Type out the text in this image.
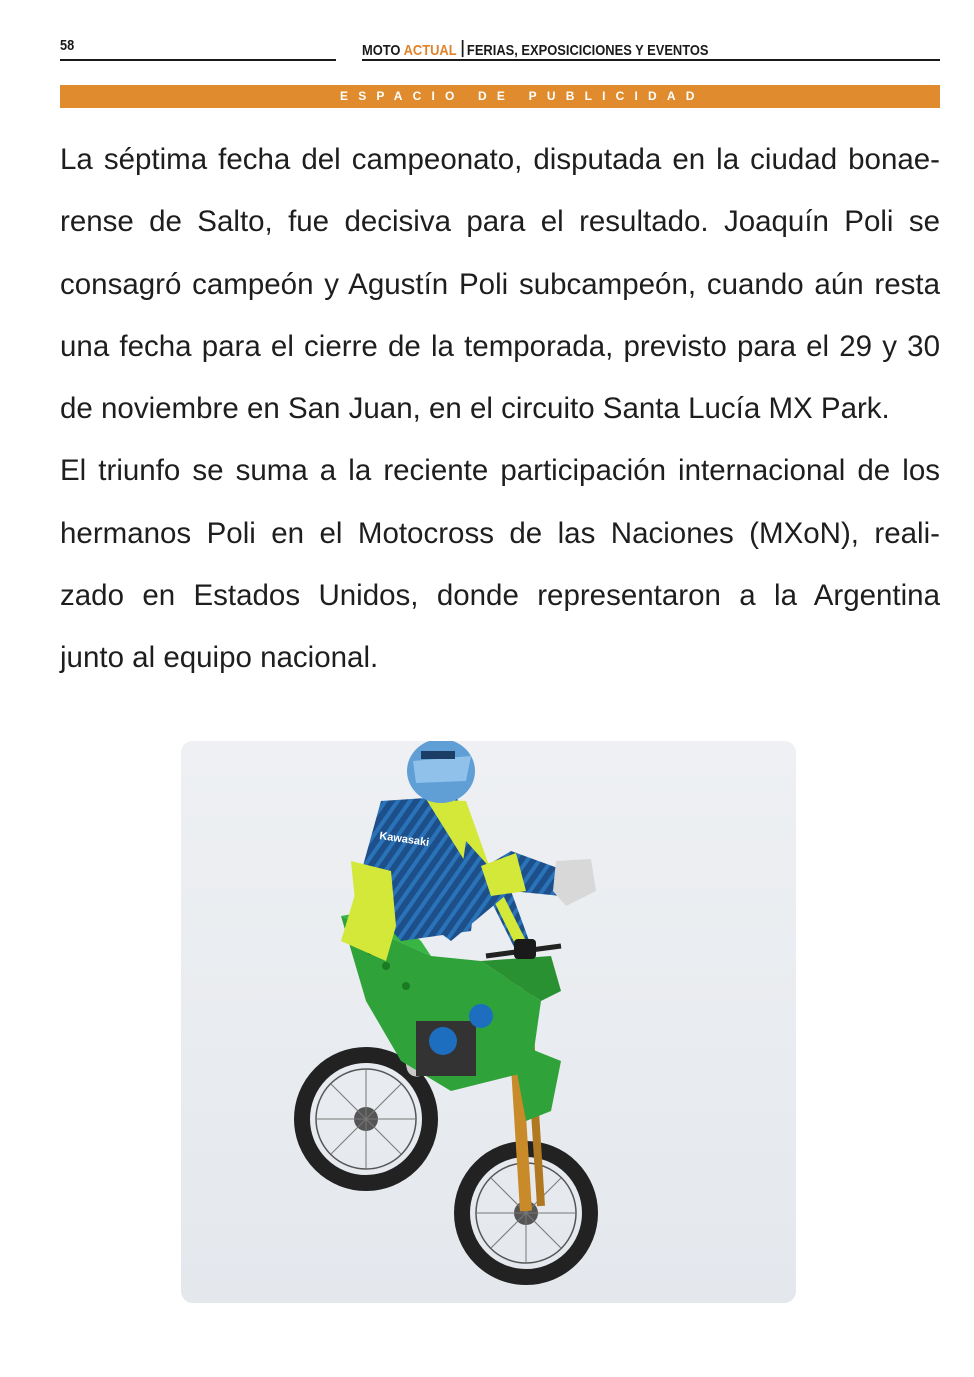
58	MOTO ACTUAL FERIAS, EXPOSICICIONES Y EVENTOS
ESPACIO DE PUBLICIDAD
La séptima fecha del campeonato, disputada en la ciudad bonae-
rense de Salto, fue decisiva para el resultado. Joaquín Poli se
consagró campeón y Agustín Poli subcampeón, cuando aún resta
una fecha para el cierre de la temporada, previsto para el 29 y 30
de noviembre en San Juan, en el circuito Santa Lucía MX Park.
El triunfo se suma a la reciente participación internacional de los
hermanos Poli en el Motocross de las Naciones (MXoN), reali-
zado en Estados Unidos, donde representaron a la Argentina
junto al equipo nacional.
Kawasaki
